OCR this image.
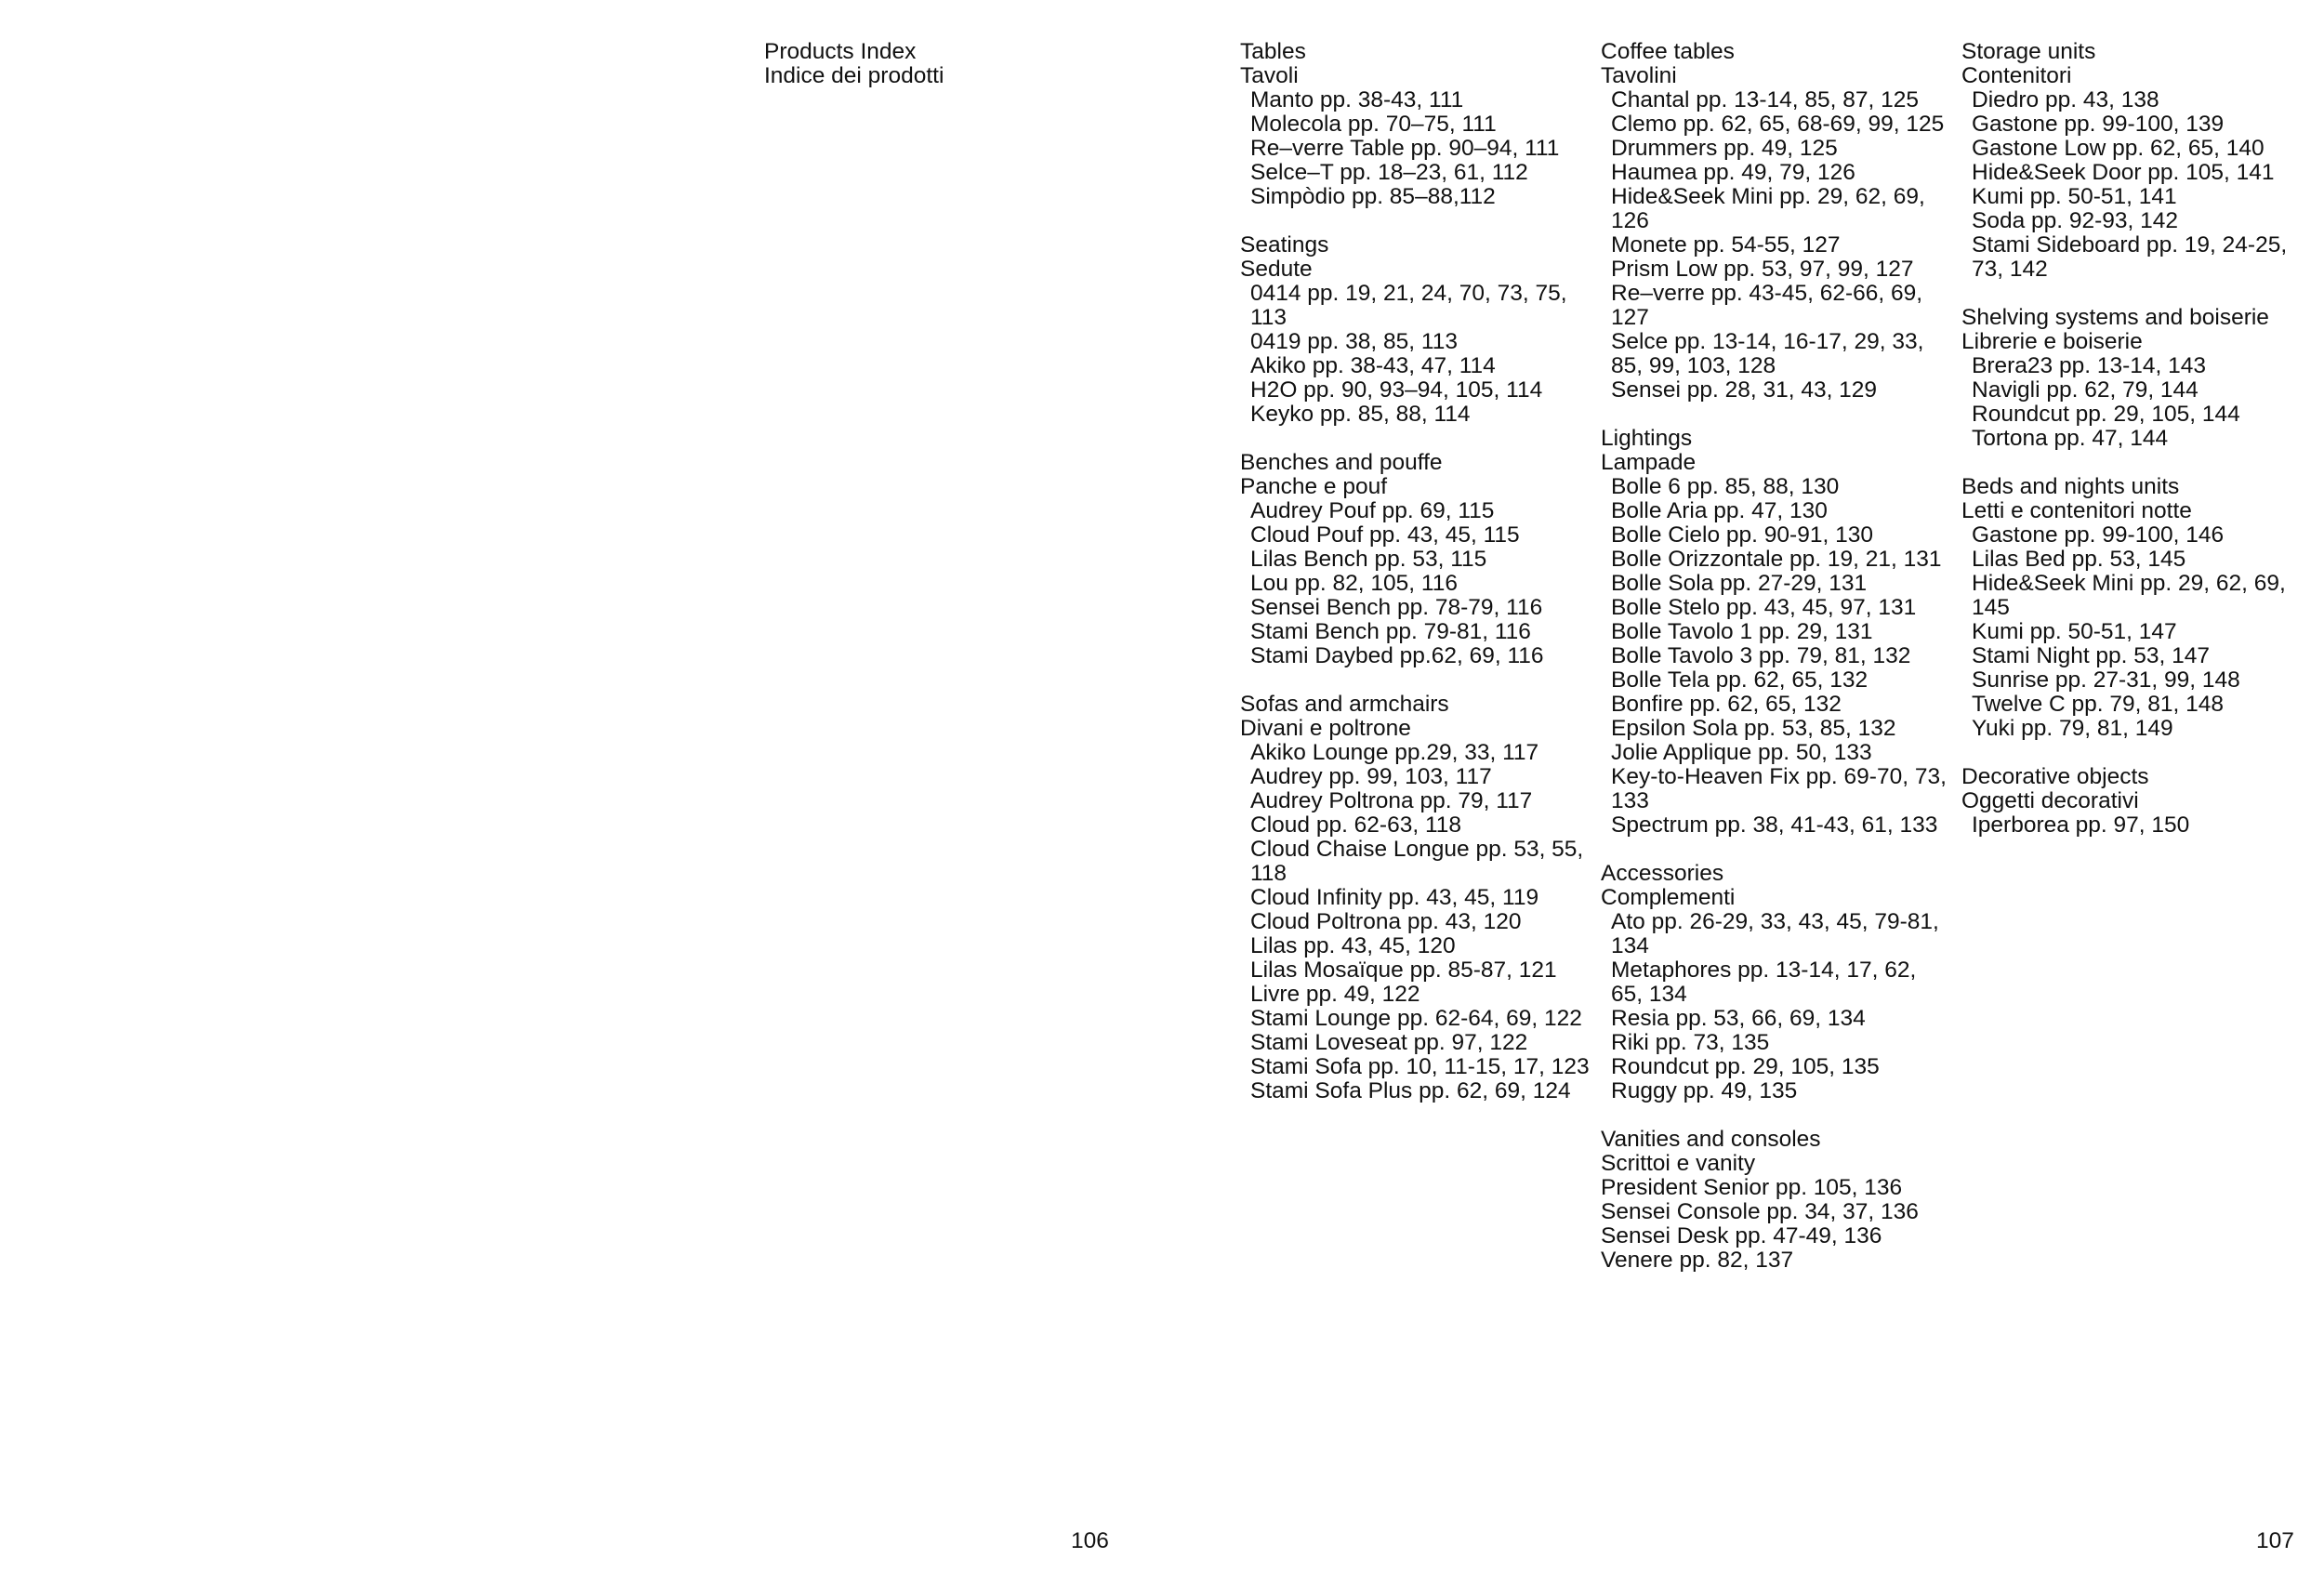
Products Index
Indice dei prodotti
Tables
Tavoli
Manto pp. 38-43, 111
Molecola pp. 70–75, 111
Re–verre Table pp. 90–94, 111
Selce–T pp. 18–23, 61, 112
Simpòdio pp. 85–88,112
Seatings
Sedute
0414 pp. 19, 21, 24, 70, 73, 75, 113
0419 pp. 38, 85, 113
Akiko pp. 38-43, 47, 114
H2O pp. 90, 93–94, 105, 114
Keyko pp. 85, 88, 114
Benches and pouffe
Panche e pouf
Audrey Pouf pp. 69, 115
Cloud Pouf pp. 43, 45, 115
Lilas Bench pp. 53, 115
Lou pp. 82, 105, 116
Sensei Bench pp. 78-79, 116
Stami Bench pp. 79-81, 116
Stami Daybed pp.62, 69, 116
Sofas and armchairs
Divani e poltrone
Akiko Lounge pp.29, 33, 117
Audrey pp. 99, 103, 117
Audrey Poltrona pp. 79, 117
Cloud pp. 62-63, 118
Cloud Chaise Longue pp. 53, 55, 118
Cloud Infinity pp. 43, 45, 119
Cloud Poltrona pp. 43, 120
Lilas pp. 43, 45, 120
Lilas Mosaïque pp. 85-87, 121
Livre pp. 49, 122
Stami Lounge pp. 62-64, 69, 122
Stami Loveseat pp. 97, 122
Stami Sofa pp. 10, 11-15, 17, 123
Stami Sofa Plus pp. 62, 69, 124
Coffee tables
Tavolini
Chantal pp. 13-14, 85, 87, 125
Clemo pp. 62, 65, 68-69, 99, 125
Drummers pp. 49, 125
Haumea pp. 49, 79, 126
Hide&Seek Mini pp. 29, 62, 69, 126
Monete pp. 54-55, 127
Prism Low pp. 53, 97, 99, 127
Re–verre pp. 43-45, 62-66, 69, 127
Selce pp. 13-14, 16-17, 29, 33, 85, 99, 103, 128
Sensei pp. 28, 31, 43, 129
Lightings
Lampade
Bolle 6 pp. 85, 88, 130
Bolle Aria pp. 47, 130
Bolle Cielo pp. 90-91, 130
Bolle Orizzontale pp. 19, 21, 131
Bolle Sola pp. 27-29, 131
Bolle Stelo pp. 43, 45, 97, 131
Bolle Tavolo 1 pp. 29, 131
Bolle Tavolo 3 pp. 79, 81, 132
Bolle Tela pp. 62, 65, 132
Bonfire pp. 62, 65, 132
Epsilon Sola pp. 53, 85, 132
Jolie Applique pp. 50, 133
Key-to-Heaven Fix pp. 69-70, 73, 133
Spectrum pp. 38, 41-43, 61, 133
Accessories
Complementi
Ato pp. 26-29, 33, 43, 45, 79-81, 134
Metaphores pp. 13-14, 17, 62, 65, 134
Resia pp. 53, 66, 69, 134
Riki pp. 73, 135
Roundcut pp. 29, 105, 135
Ruggy pp. 49, 135
Vanities and consoles
Scrittoi e vanity
President Senior pp. 105, 136
Sensei Console pp. 34, 37, 136
Sensei Desk pp. 47-49, 136
Venere pp. 82, 137
Storage units
Contenitori
Diedro pp. 43, 138
Gastone pp. 99-100, 139
Gastone Low pp. 62, 65, 140
Hide&Seek Door pp. 105, 141
Kumi pp. 50-51, 141
Soda pp. 92-93, 142
Stami Sideboard pp. 19, 24-25, 73, 142
Shelving systems and boiserie
Librerie e boiserie
Brera23 pp. 13-14, 143
Navigli pp. 62, 79, 144
Roundcut pp. 29, 105, 144
Tortona pp. 47, 144
Beds and nights units
Letti e contenitori notte
Gastone pp. 99-100, 146
Lilas Bed pp. 53, 145
Hide&Seek Mini pp. 29, 62, 69, 145
Kumi pp. 50-51, 147
Stami Night pp. 53, 147
Sunrise pp. 27-31, 99, 148
Twelve C pp. 79, 81, 148
Yuki pp. 79, 81, 149
Decorative objects
Oggetti decorativi
Iperborea pp. 97, 150
106	107
